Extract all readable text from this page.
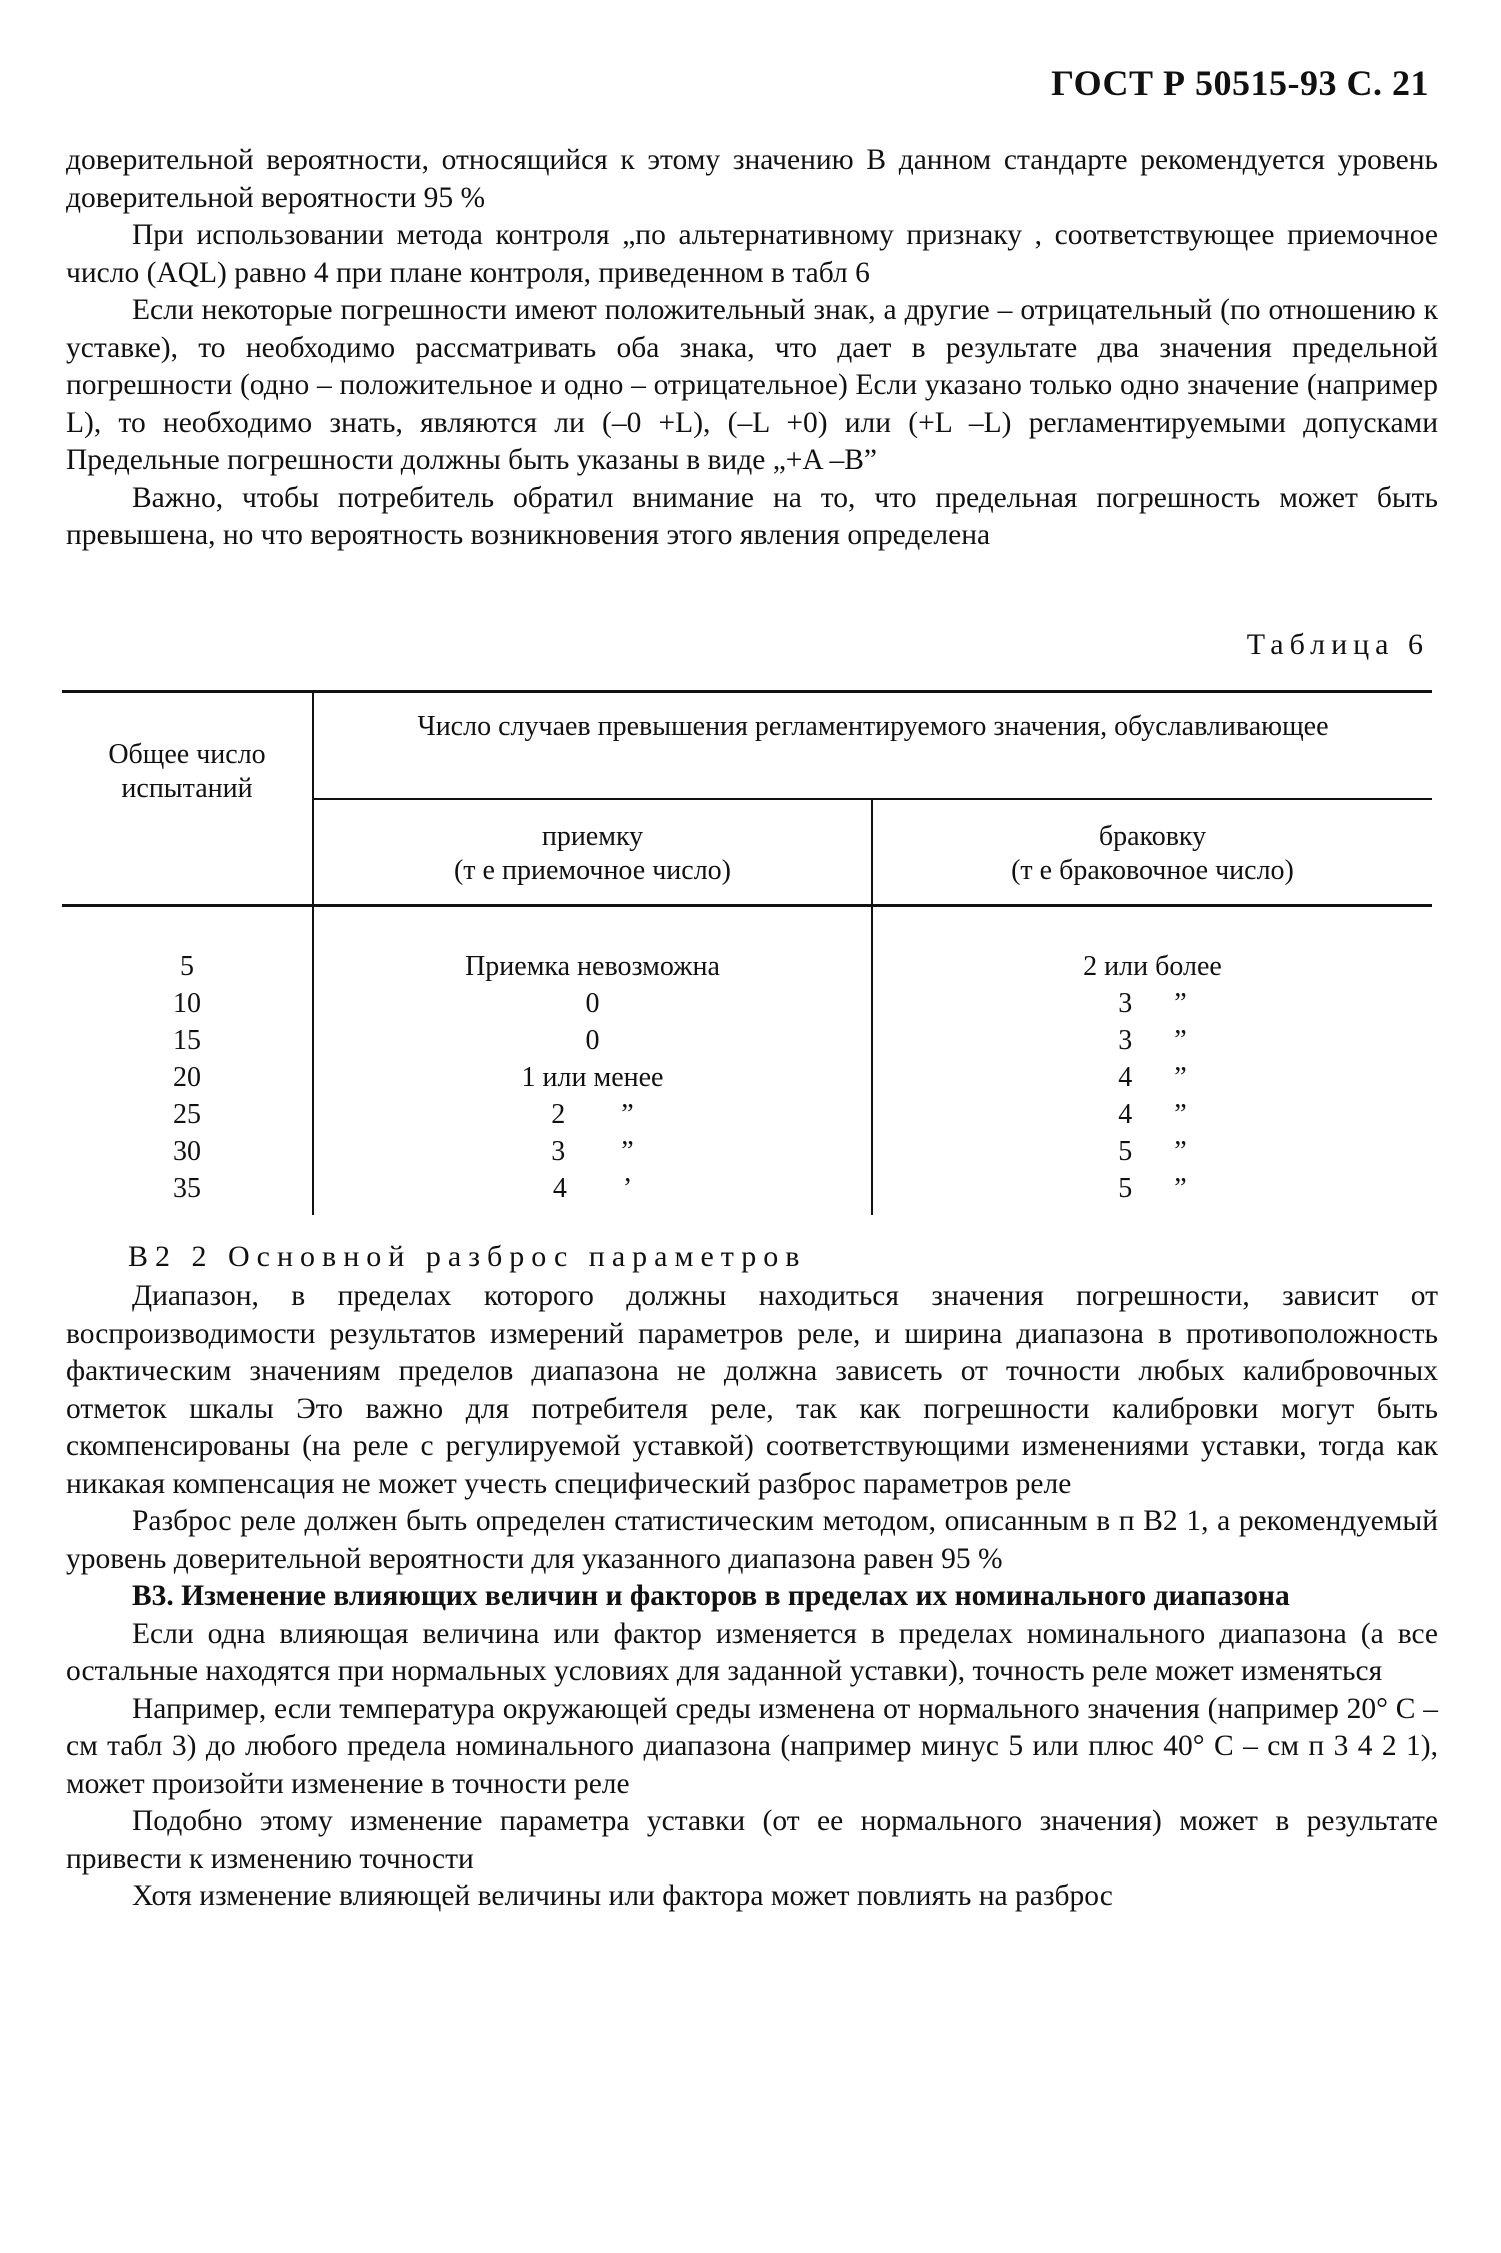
ГОСТ Р 50515-93 С. 21

доверительной вероятности, относящийся к этому значению В данном стандарте рекомендуется уровень доверительной вероятности 95 %

При использовании метода контроля „по альтернативному признаку , соответствующее приемочное число (AQL) равно 4 при плане контроля, приведенном в табл 6

Если некоторые погрешности имеют положительный знак, а другие – отрицательный (по отношению к уставке), то необходимо рассматривать оба знака, что дает в результате два значения предельной погрешности (одно – положительное и одно – отрицательное) Если указано только одно значение (например L), то необходимо знать, являются ли (–0 +L), (–L +0) или (+L –L) регламентируемыми допусками Предельные погрешности должны быть указаны в виде „+A –B”

Важно, чтобы потребитель обратил внимание на то, что предельная погрешность может быть превышена, но что вероятность возникновения этого явления определена

Таблица 6
Общее число испытаний
Число случаев превышения регламентируемого значения, обуславливающее
приемку
(т е приемочное число)
браковку
(т е браковочное число)
5	Приемка невозможна	2 или более
10	0	3      ”
15	0	3      ”
20	1 или менее	4      ”
25	2        ”	4      ”
30	3        ”	5      ”
35	4        ’	5      ”
В2 2 Основной разброс параметров

Диапазон, в пределах которого должны находиться значения погрешности, зависит от воспроизводимости результатов измерений параметров реле, и ширина диапазона в противоположность фактическим значениям пределов диапазона не должна зависеть от точности любых калибровочных отметок шкалы Это важно для потребителя реле, так как погрешности калибровки могут быть скомпенсированы (на реле с регулируемой уставкой) соответствующими изменениями уставки, тогда как никакая компенсация не может учесть специфический разброс параметров реле

Разброс реле должен быть определен статистическим методом, описанным в п В2 1, а рекомендуемый уровень доверительной вероятности для указанного диапазона равен 95 %

В3. Изменение влияющих величин и факторов в пределах их номинального диапазона

Если одна влияющая величина или фактор изменяется в пределах номинального диапазона (а все остальные находятся при нормальных условиях для заданной уставки), точность реле может изменяться

Например, если температура окружающей среды изменена от нормального значения (например 20° С – см табл 3) до любого предела номинального диапазона (например минус 5 или плюс 40° С – см п 3 4 2 1), может произойти изменение в точности реле

Подобно этому изменение параметра уставки (от ее нормального значения) может в результате привести к изменению точности

Хотя изменение влияющей величины или фактора может повлиять на разброс
